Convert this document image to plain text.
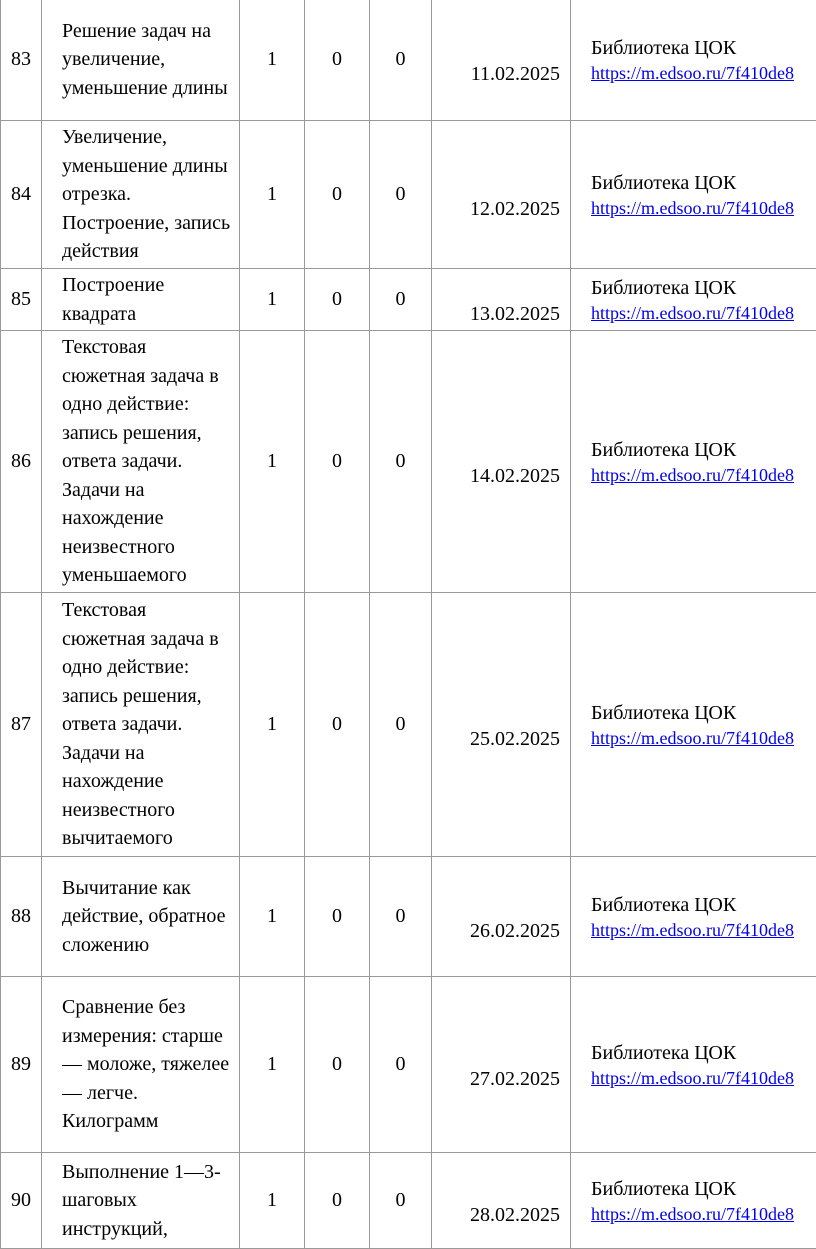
83	Решение задач на увеличение, уменьшение длины	1	0	0	11.02.2025	Библиотека ЦОК
https://m.edsoo.ru/7f410de8

84	Увеличение, уменьшение длины отрезка. Построение, запись действия	1	0	0	12.02.2025	Библиотека ЦОК
https://m.edsoo.ru/7f410de8

85	Построение квадрата	1	0	0	13.02.2025	Библиотека ЦОК
https://m.edsoo.ru/7f410de8

86	Текстовая сюжетная задача в одно действие: запись решения, ответа задачи. Задачи на нахождение неизвестного уменьшаемого	1	0	0	14.02.2025	Библиотека ЦОК
https://m.edsoo.ru/7f410de8

87	Текстовая сюжетная задача в одно действие: запись решения, ответа задачи. Задачи на нахождение неизвестного вычитаемого	1	0	0	25.02.2025	Библиотека ЦОК
https://m.edsoo.ru/7f410de8

88	Вычитание как действие, обратное сложению	1	0	0	26.02.2025	Библиотека ЦОК
https://m.edsoo.ru/7f410de8

89	Сравнение без измерения: старше — моложе, тяжелее — легче. Килограмм	1	0	0	27.02.2025	Библиотека ЦОК
https://m.edsoo.ru/7f410de8

90	Выполнение 1—3-шаговых инструкций,	1	0	0	28.02.2025	Библиотека ЦОК
https://m.edsoo.ru/7f410de8
